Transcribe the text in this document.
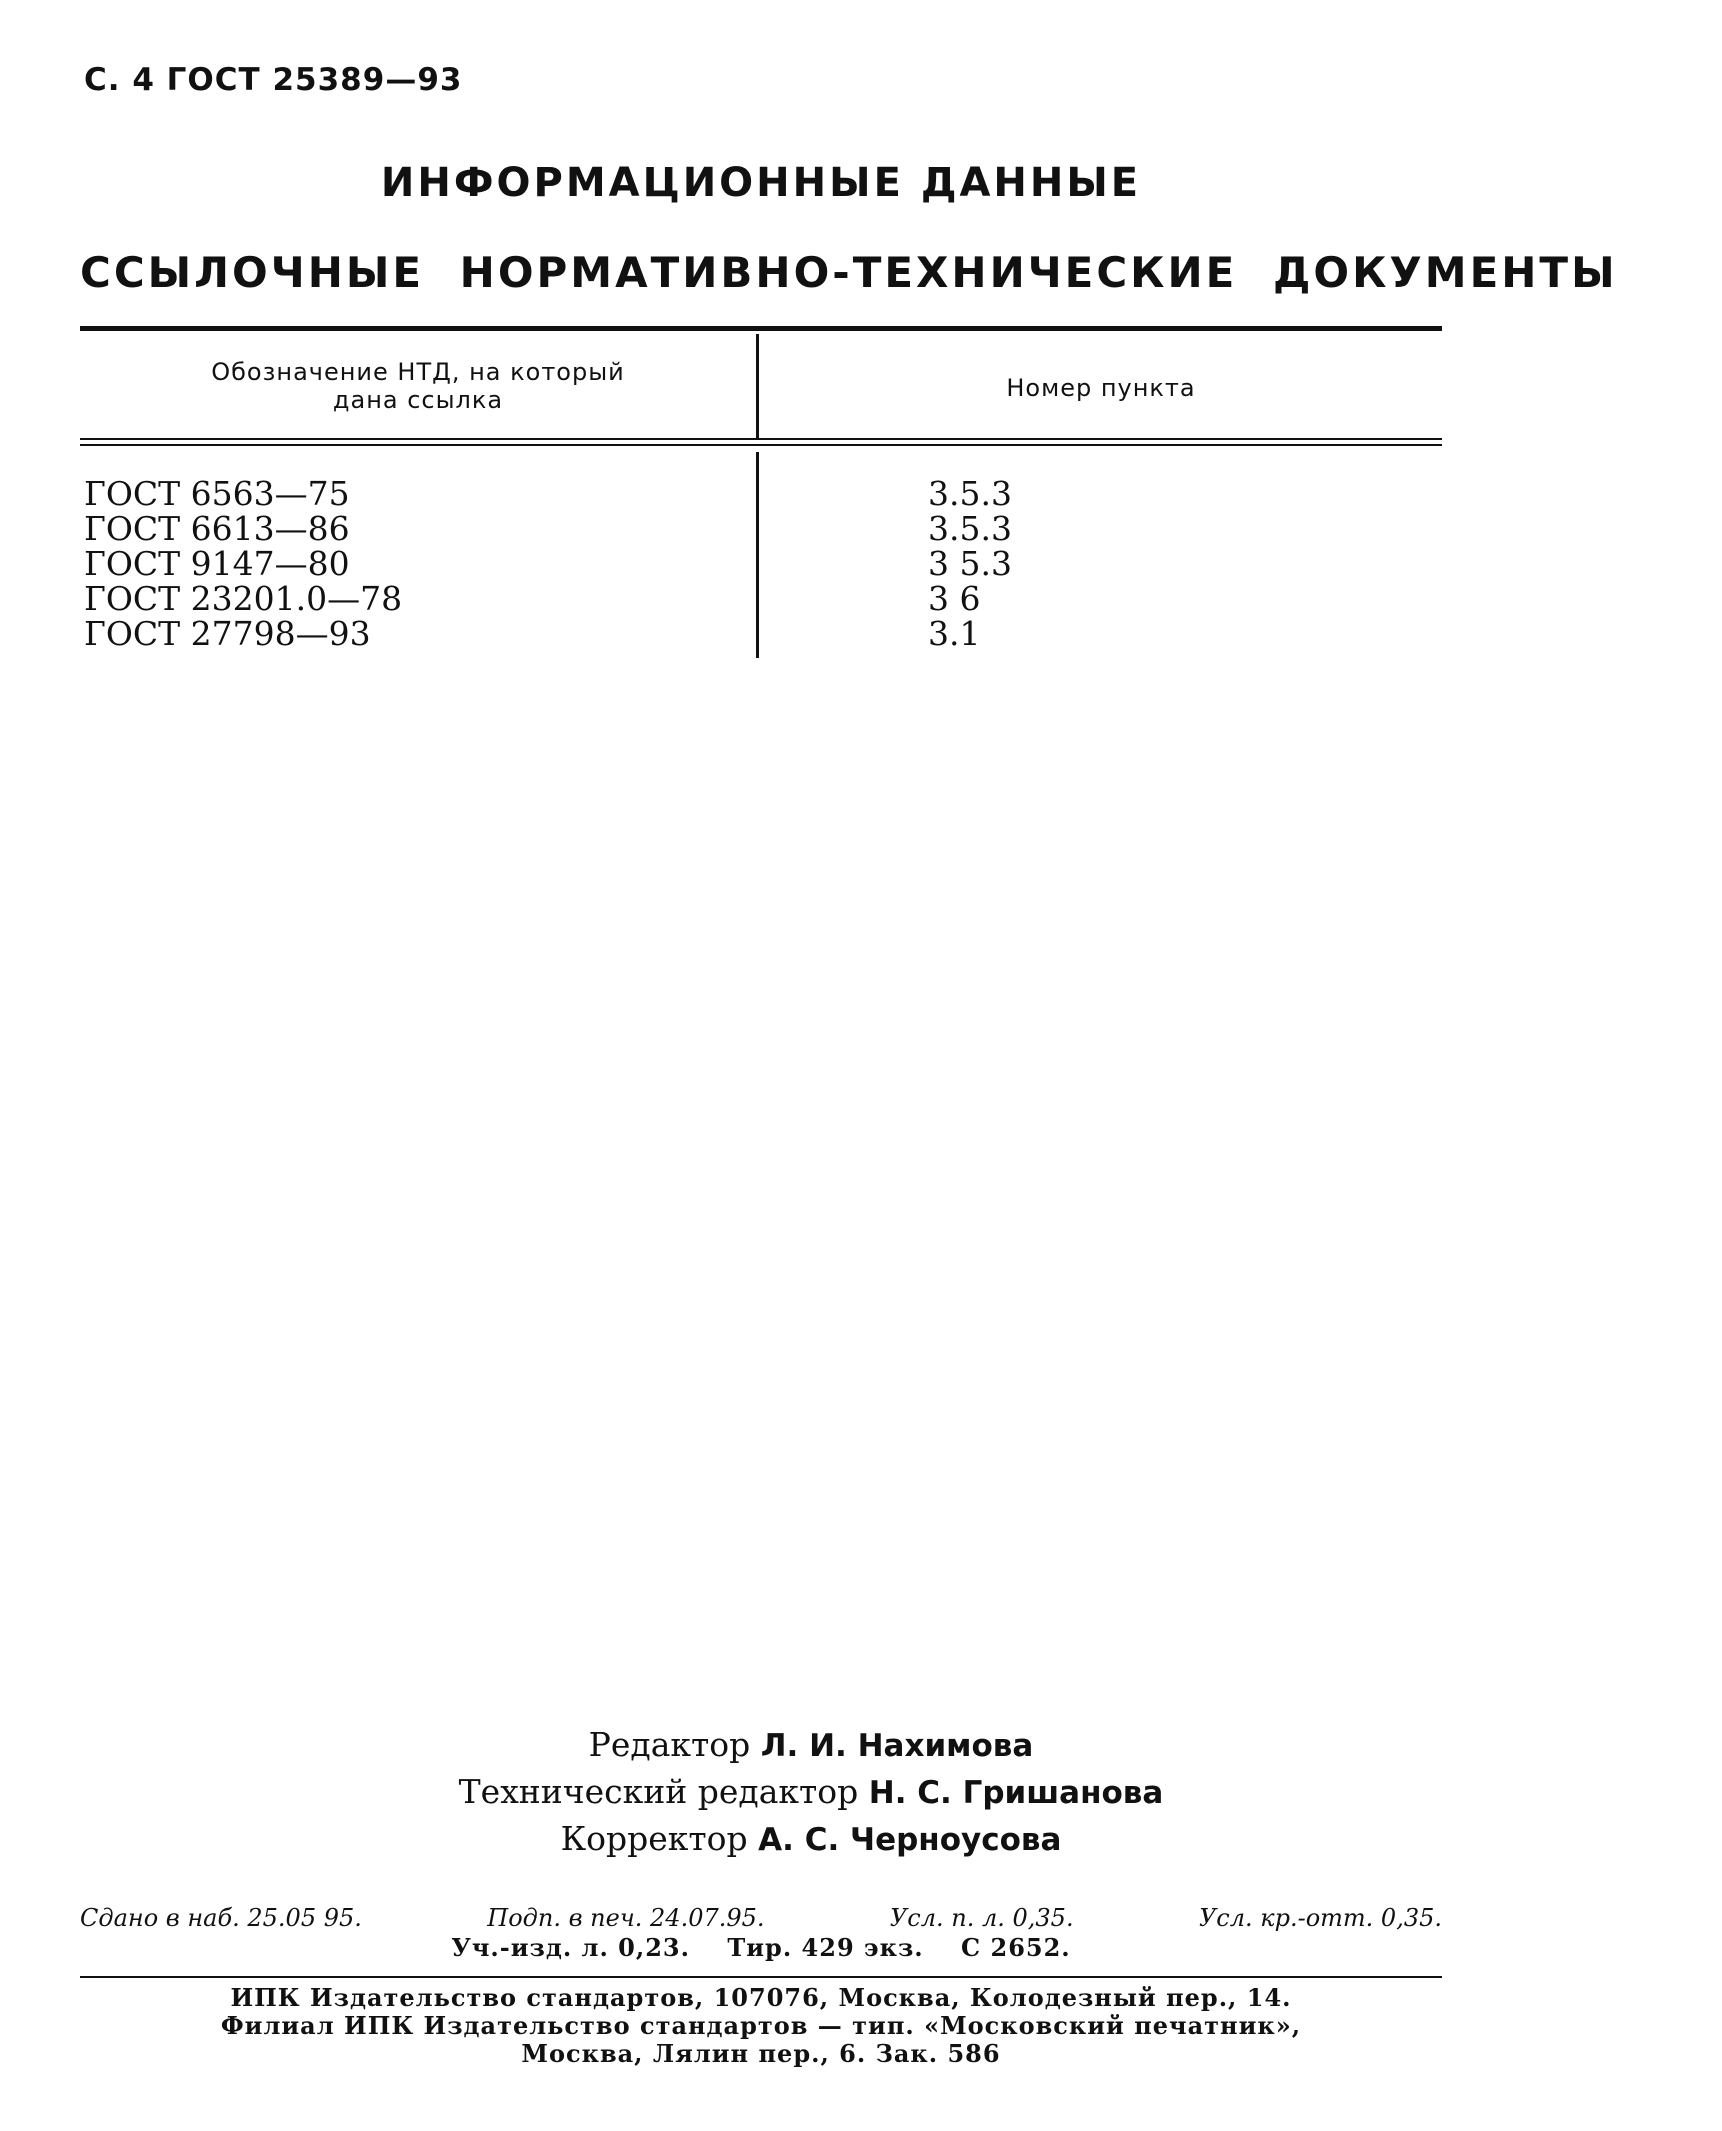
С. 4 ГОСТ 25389—93
ИНФОРМАЦИОННЫЕ ДАННЫЕ
ССЫЛОЧНЫЕ НОРМАТИВНО-ТЕХНИЧЕСКИЕ ДОКУМЕНТЫ
Обозначение НТД, на который
дана ссылка	Номер пункта
ГОСТ 6563—75	3.5.3
ГОСТ 6613—86	3.5.3
ГОСТ 9147—80	3 5.3
ГОСТ 23201.0—78	3 6
ГОСТ 27798—93	3.1
Редактор Л. И. Нахимова
Технический редактор Н. С. Гришанова
Корректор А. С. Черноусова
Сдано в наб. 25.05 95.	Подп. в печ. 24.07.95.	Усл. п. л. 0,35.	Усл. кр.-отт. 0,35.
Уч.-изд. л. 0,23. Тир. 429 экз. С 2652.
ИПК Издательство стандартов, 107076, Москва, Колодезный пер., 14.
Филиал ИПК Издательство стандартов — тип. «Московский печатник»,
Москва, Лялин пер., 6. Зак. 586
